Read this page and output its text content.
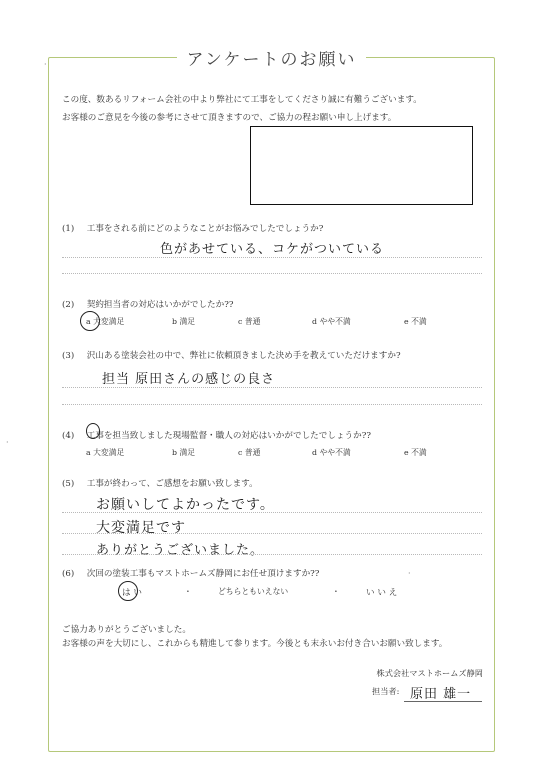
アンケートのお願い
この度、数あるリフォーム会社の中より弊社にて工事をしてくださり誠に有難うございます。
お客様のご意見を今後の参考にさせて頂きますので、ご協力の程お願い申し上げます。
(1) 工事をされる前にどのようなことがお悩みでしたでしょうか?
色があせている、コケがついている
(2) 契約担当者の対応はいかがでしたか??
a 大変満足	b 満足	c 普通	d やや不満	e 不満
(3) 沢山ある塗装会社の中で、弊社に依頼頂きました決め手を教えていただけますか?
担当 原田さんの感じの良さ
(4) 工事を担当致しました現場監督・職人の対応はいかがでしたでしょうか??
a 大変満足	b 満足	c 普通	d やや不満	e 不満
(5) 工事が終わって、ご感想をお願い致します。
お願いしてよかったです。
大変満足です
ありがとうございました。
(6) 次回の塗装工事もマストホームズ静岡にお任せ頂けますか??
は い	・	どちらともいえない	・	い い え
ご協力ありがとうございました。
お客様の声を大切にし、これからも精進して参ります。今後とも末永いお付き合いお願い致します。
株式会社マストホームズ静岡
担当者: 原田 雄一
·
·
·
